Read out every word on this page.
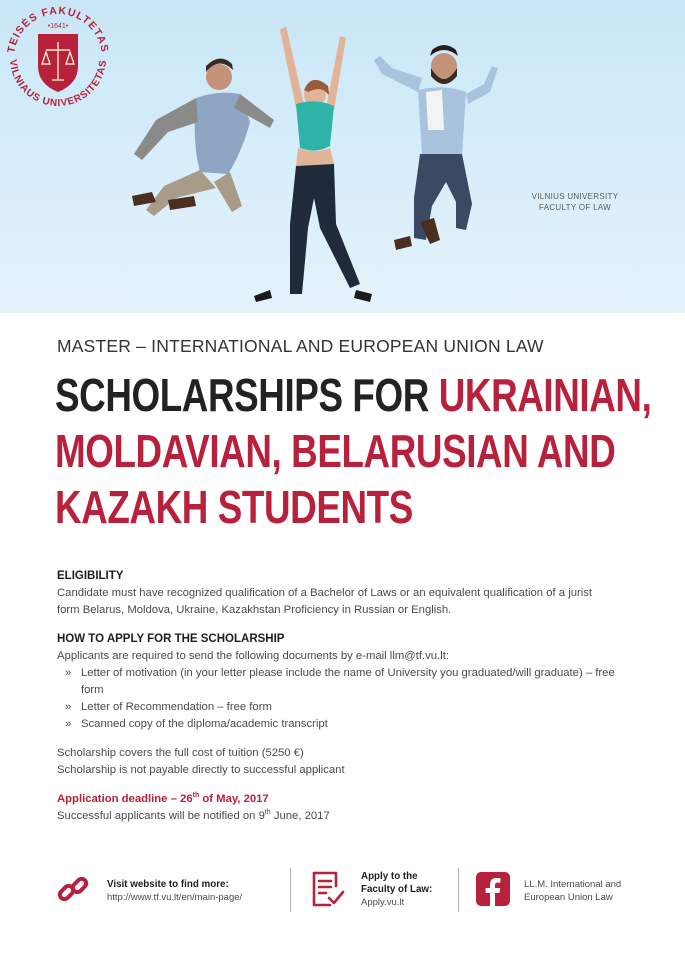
TEISĖS FAKULTETAS
VILNIAUS UNIVERSITETAS
•1641•
VILNIUS UNIVERSITY
FACULTY OF LAW
MASTER – INTERNATIONAL AND EUROPEAN UNION LAW
SCHOLARSHIPS FOR UKRAINIAN,
MOLDAVIAN, BELARUSIAN AND
KAZAKH STUDENTS
ELIGIBILITY
Candidate must have recognized qualification of a Bachelor of Laws or an equivalent qualification of a jurist form Belarus, Moldova, Ukraine, Kazakhstan Proficiency in Russian or English.
HOW TO APPLY FOR THE SCHOLARSHIP
Applicants are required to send the following documents by e-mail llm@tf.vu.lt:
» Letter of motivation (in your letter please include the name of University you graduated/will graduate) – free form
» Letter of Recommendation – free form
» Scanned copy of the diploma/academic transcript
Scholarship covers the full cost of tuition (5250 €)
Scholarship is not payable directly to successful applicant
Application deadline – 26th of May, 2017
Successful applicants will be notified on 9th June, 2017
Visit website to find more:
http://www.tf.vu.lt/en/main-page/
Apply to the
Faculty of Law:
Apply.vu.lt
LL.M. International and
European Union Law
